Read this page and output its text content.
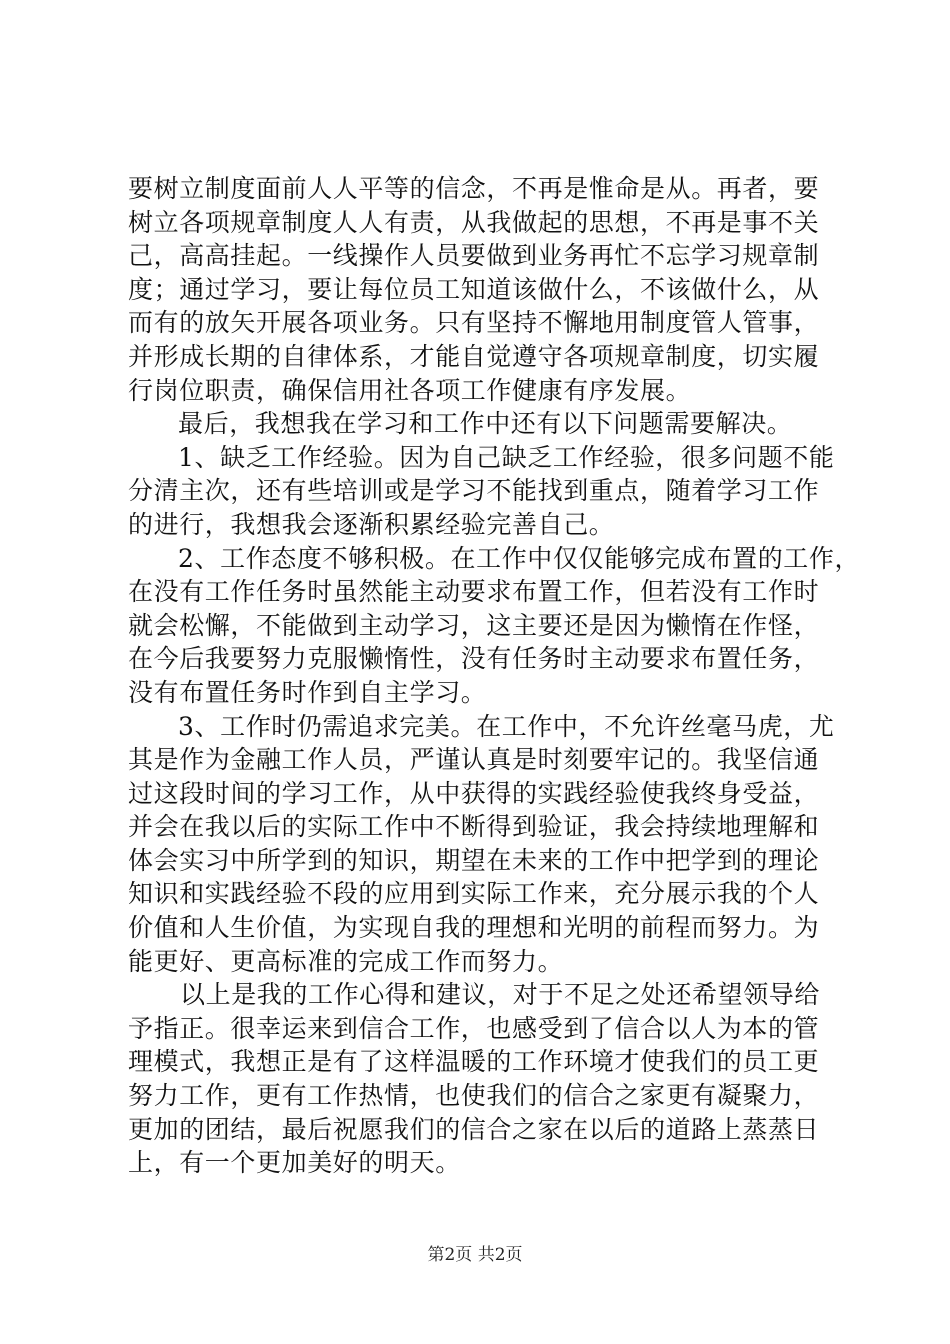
要树立制度面前人人平等的信念，不再是惟命是从。再者，要
树立各项规章制度人人有责，从我做起的思想，不再是事不关
己，高高挂起。一线操作人员要做到业务再忙不忘学习规章制
度；通过学习，要让每位员工知道该做什么，不该做什么，从
而有的放矢开展各项业务。只有坚持不懈地用制度管人管事，
并形成长期的自律体系，才能自觉遵守各项规章制度，切实履
行岗位职责，确保信用社各项工作健康有序发展。
最后，我想我在学习和工作中还有以下问题需要解决。
1、缺乏工作经验。因为自己缺乏工作经验，很多问题不能
分清主次，还有些培训或是学习不能找到重点，随着学习工作
的进行，我想我会逐渐积累经验完善自己。
2、工作态度不够积极。在工作中仅仅能够完成布置的工作，
在没有工作任务时虽然能主动要求布置工作，但若没有工作时
就会松懈，不能做到主动学习，这主要还是因为懒惰在作怪，
在今后我要努力克服懒惰性，没有任务时主动要求布置任务，
没有布置任务时作到自主学习。
3、工作时仍需追求完美。在工作中，不允许丝毫马虎，尤
其是作为金融工作人员，严谨认真是时刻要牢记的。我坚信通
过这段时间的学习工作，从中获得的实践经验使我终身受益，
并会在我以后的实际工作中不断得到验证，我会持续地理解和
体会实习中所学到的知识，期望在未来的工作中把学到的理论
知识和实践经验不段的应用到实际工作来，充分展示我的个人
价值和人生价值，为实现自我的理想和光明的前程而努力。为
能更好、更高标准的完成工作而努力。
以上是我的工作心得和建议，对于不足之处还希望领导给
予指正。很幸运来到信合工作，也感受到了信合以人为本的管
理模式，我想正是有了这样温暖的工作环境才使我们的员工更
努力工作，更有工作热情，也使我们的信合之家更有凝聚力，
更加的团结，最后祝愿我们的信合之家在以后的道路上蒸蒸日
上，有一个更加美好的明天。
第2页 共2页
